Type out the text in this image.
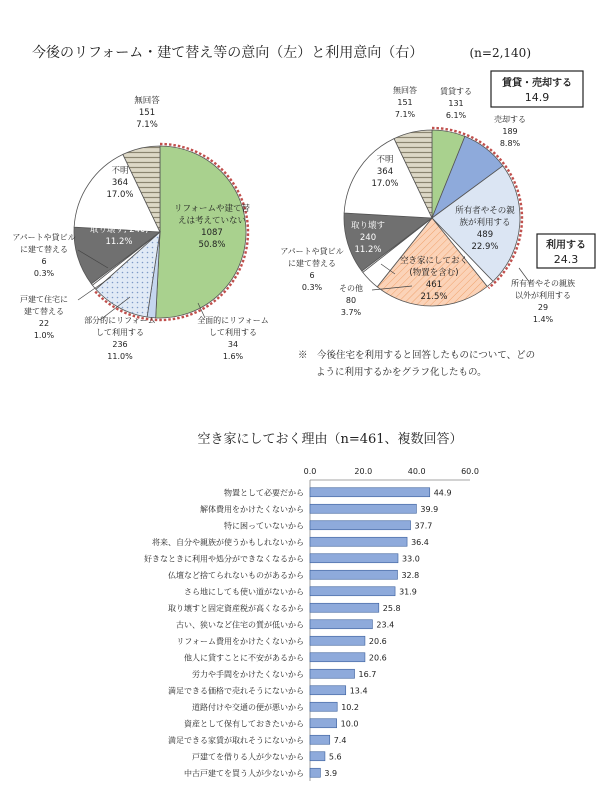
今後のリフォーム・建て替え等の意向（左）と利用意向（右）	(n=2,140)
リフォームや建て替
えは考えていない
1087
50.8%
全面的にリフォーム
して利用する
34
1.6%
部分的にリフォーム
して利用する
236
11.0%
戸建て住宅に
建て替える
22
1.0%
アパートや貸ビル
に建て替える
6
0.3%
取り壊す, 240,
11.2%
不明
364
17.0%
無回答
151
7.1%
賃貸する
131
6.1%	売却する
189
8.8%
所有者やその親
族が利用する
489
22.9%
所有者やその親族
以外が利用する
29
1.4%
空き家にしておく
(物置を含む)
461
21.5%
その他
80
3.7%
アパートや貸ビル
に建て替える
6
0.3%
取り壊す
240
11.2%
不明
364
17.0%
無回答
151
7.1%
賃貸・売却する
14.9
利用する
24.3
※　今後住宅を利用すると回答したものについて、どの
ように利用するかをグラフ化したもの。
空き家にしておく理由（n=461、複数回答）
0.0	20.0	40.0	60.0
物置として必要だから	44.9
解体費用をかけたくないから	39.9
特に困っていないから	37.7
将来、自分や親族が使うかもしれないから	36.4
好きなときに利用や処分ができなくなるから	33.0
仏壇など捨てられないものがあるから	32.8
さら地にしても使い道がないから	31.9
取り壊すと固定資産税が高くなるから	25.8
古い、狭いなど住宅の質が低いから	23.4
リフォーム費用をかけたくないから	20.6
他人に貸すことに不安があるから	20.6
労力や手間をかけたくないから	16.7
満足できる価格で売れそうにないから	13.4
道路付けや交通の便が悪いから	10.2
資産として保有しておきたいから	10.0
満足できる家賃が取れそうにないから	7.4
戸建てを借りる人が少ないから	5.6
中古戸建てを買う人が少ないから	3.9
